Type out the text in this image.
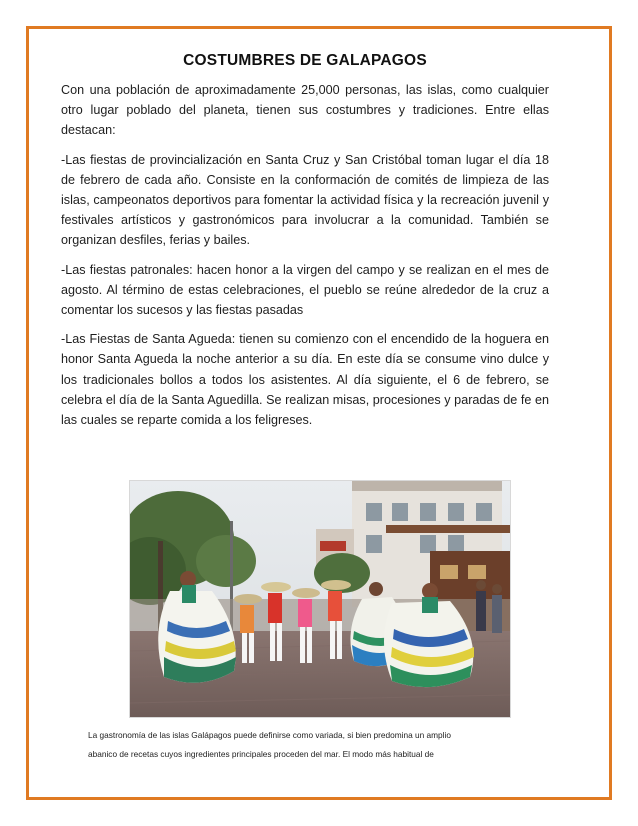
COSTUMBRES DE GALAPAGOS

Con una población de aproximadamente 25,000 personas, las islas, como cualquier otro lugar poblado del planeta, tienen sus costumbres y tradiciones. Entre ellas destacan:

-Las fiestas de provincialización en Santa Cruz y San Cristóbal toman lugar el día 18 de febrero de cada año. Consiste en la conformación de comités de limpieza de las islas, campeonatos deportivos para fomentar la actividad física y la recreación juvenil y festivales artísticos y gastronómicos para involucrar a la comunidad. También se organizan desfiles, ferias y bailes.

-Las fiestas patronales: hacen honor a la virgen del campo y se realizan en el mes de agosto. Al término de estas celebraciones, el pueblo se reúne alrededor de la cruz a comentar los sucesos y las fiestas pasadas

-Las Fiestas de Santa Agueda: tienen su comienzo con el encendido de la hoguera en honor Santa Agueda la noche anterior a su día. En este día se consume vino dulce y los tradicionales bollos a todos los asistentes. Al día siguiente, el 6 de febrero, se celebra el día de la Santa Aguedilla. Se realizan misas, procesiones y paradas de fe en las cuales se reparte comida a los feligreses.

La gastronomía de las islas Galápagos puede definirse como variada, si bien predomina un amplio
abanico de recetas cuyos ingredientes principales proceden del mar. El modo más habitual de
